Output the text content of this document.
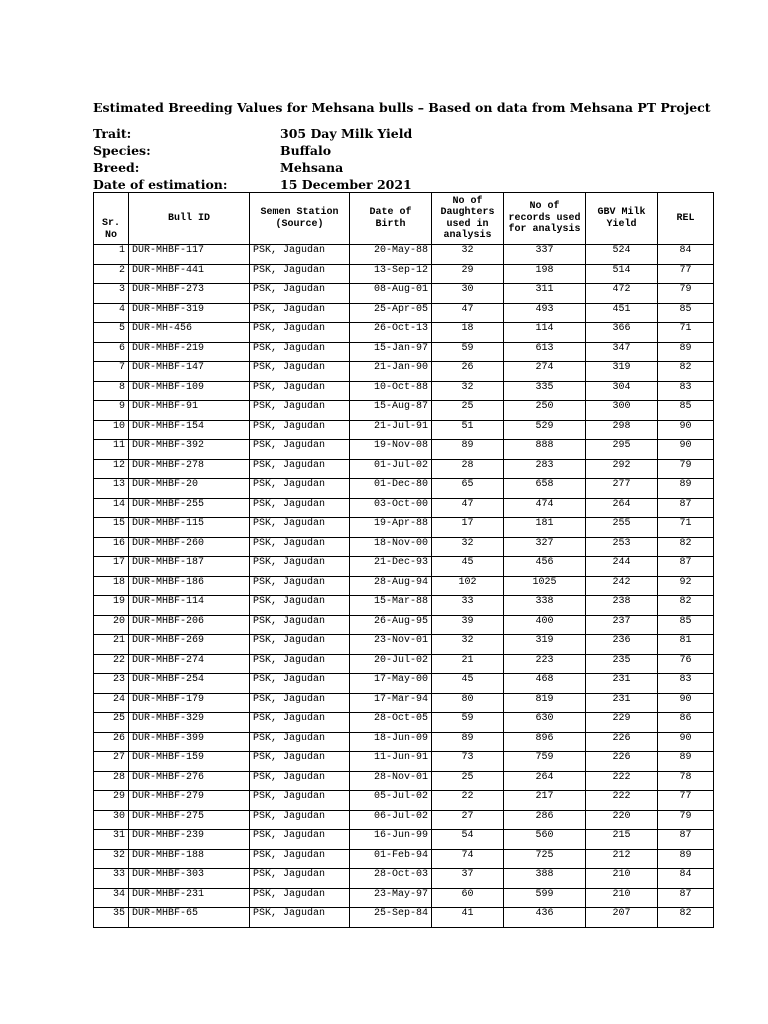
Estimated Breeding Values for Mehsana bulls – Based on data from Mehsana PT Project
Trait:	305 Day Milk Yield
Species:	Buffalo
Breed:	Mehsana
Date of estimation:	15 December 2021
Sr. No	Bull ID	Semen Station (Source)	Date of Birth	No of Daughters used in analysis	No of records used for analysis	GBV Milk Yield	REL
1	DUR-MHBF-117	PSK, Jagudan	20-May-88	32	337	524	84
2	DUR-MHBF-441	PSK, Jagudan	13-Sep-12	29	198	514	77
3	DUR-MHBF-273	PSK, Jagudan	08-Aug-01	30	311	472	79
4	DUR-MHBF-319	PSK, Jagudan	25-Apr-05	47	493	451	85
5	DUR-MH-456	PSK, Jagudan	26-Oct-13	18	114	366	71
6	DUR-MHBF-219	PSK, Jagudan	15-Jan-97	59	613	347	89
7	DUR-MHBF-147	PSK, Jagudan	21-Jan-90	26	274	319	82
8	DUR-MHBF-109	PSK, Jagudan	10-Oct-88	32	335	304	83
9	DUR-MHBF-91	PSK, Jagudan	15-Aug-87	25	250	300	85
10	DUR-MHBF-154	PSK, Jagudan	21-Jul-91	51	529	298	90
11	DUR-MHBF-392	PSK, Jagudan	19-Nov-08	89	888	295	90
12	DUR-MHBF-278	PSK, Jagudan	01-Jul-02	28	283	292	79
13	DUR-MHBF-20	PSK, Jagudan	01-Dec-80	65	658	277	89
14	DUR-MHBF-255	PSK, Jagudan	03-Oct-00	47	474	264	87
15	DUR-MHBF-115	PSK, Jagudan	19-Apr-88	17	181	255	71
16	DUR-MHBF-260	PSK, Jagudan	18-Nov-00	32	327	253	82
17	DUR-MHBF-187	PSK, Jagudan	21-Dec-93	45	456	244	87
18	DUR-MHBF-186	PSK, Jagudan	28-Aug-94	102	1025	242	92
19	DUR-MHBF-114	PSK, Jagudan	15-Mar-88	33	338	238	82
20	DUR-MHBF-206	PSK, Jagudan	26-Aug-95	39	400	237	85
21	DUR-MHBF-269	PSK, Jagudan	23-Nov-01	32	319	236	81
22	DUR-MHBF-274	PSK, Jagudan	20-Jul-02	21	223	235	76
23	DUR-MHBF-254	PSK, Jagudan	17-May-00	45	468	231	83
24	DUR-MHBF-179	PSK, Jagudan	17-Mar-94	80	819	231	90
25	DUR-MHBF-329	PSK, Jagudan	28-Oct-05	59	630	229	86
26	DUR-MHBF-399	PSK, Jagudan	18-Jun-09	89	896	226	90
27	DUR-MHBF-159	PSK, Jagudan	11-Jun-91	73	759	226	89
28	DUR-MHBF-276	PSK, Jagudan	28-Nov-01	25	264	222	78
29	DUR-MHBF-279	PSK, Jagudan	05-Jul-02	22	217	222	77
30	DUR-MHBF-275	PSK, Jagudan	06-Jul-02	27	286	220	79
31	DUR-MHBF-239	PSK, Jagudan	16-Jun-99	54	560	215	87
32	DUR-MHBF-188	PSK, Jagudan	01-Feb-94	74	725	212	89
33	DUR-MHBF-303	PSK, Jagudan	28-Oct-03	37	388	210	84
34	DUR-MHBF-231	PSK, Jagudan	23-May-97	60	599	210	87
35	DUR-MHBF-65	PSK, Jagudan	25-Sep-84	41	436	207	82
